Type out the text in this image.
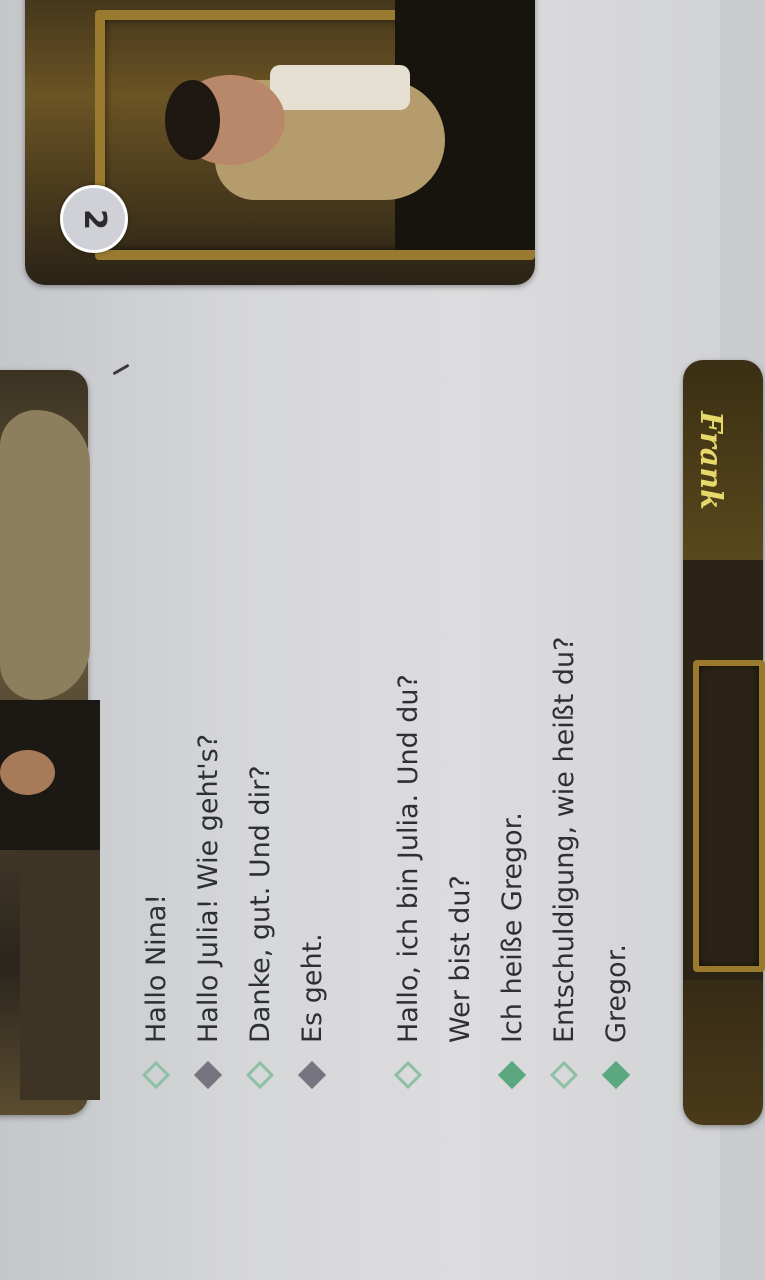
2
Frank
Hallo Nina! Hallo Julia! Wie geht's? Danke, gut. Und dir? Es geht. Hallo, ich bin Julia. Und du? Wer bist du? Ich heiße Gregor. Entschuldigung, wie heißt du? Gregor.
